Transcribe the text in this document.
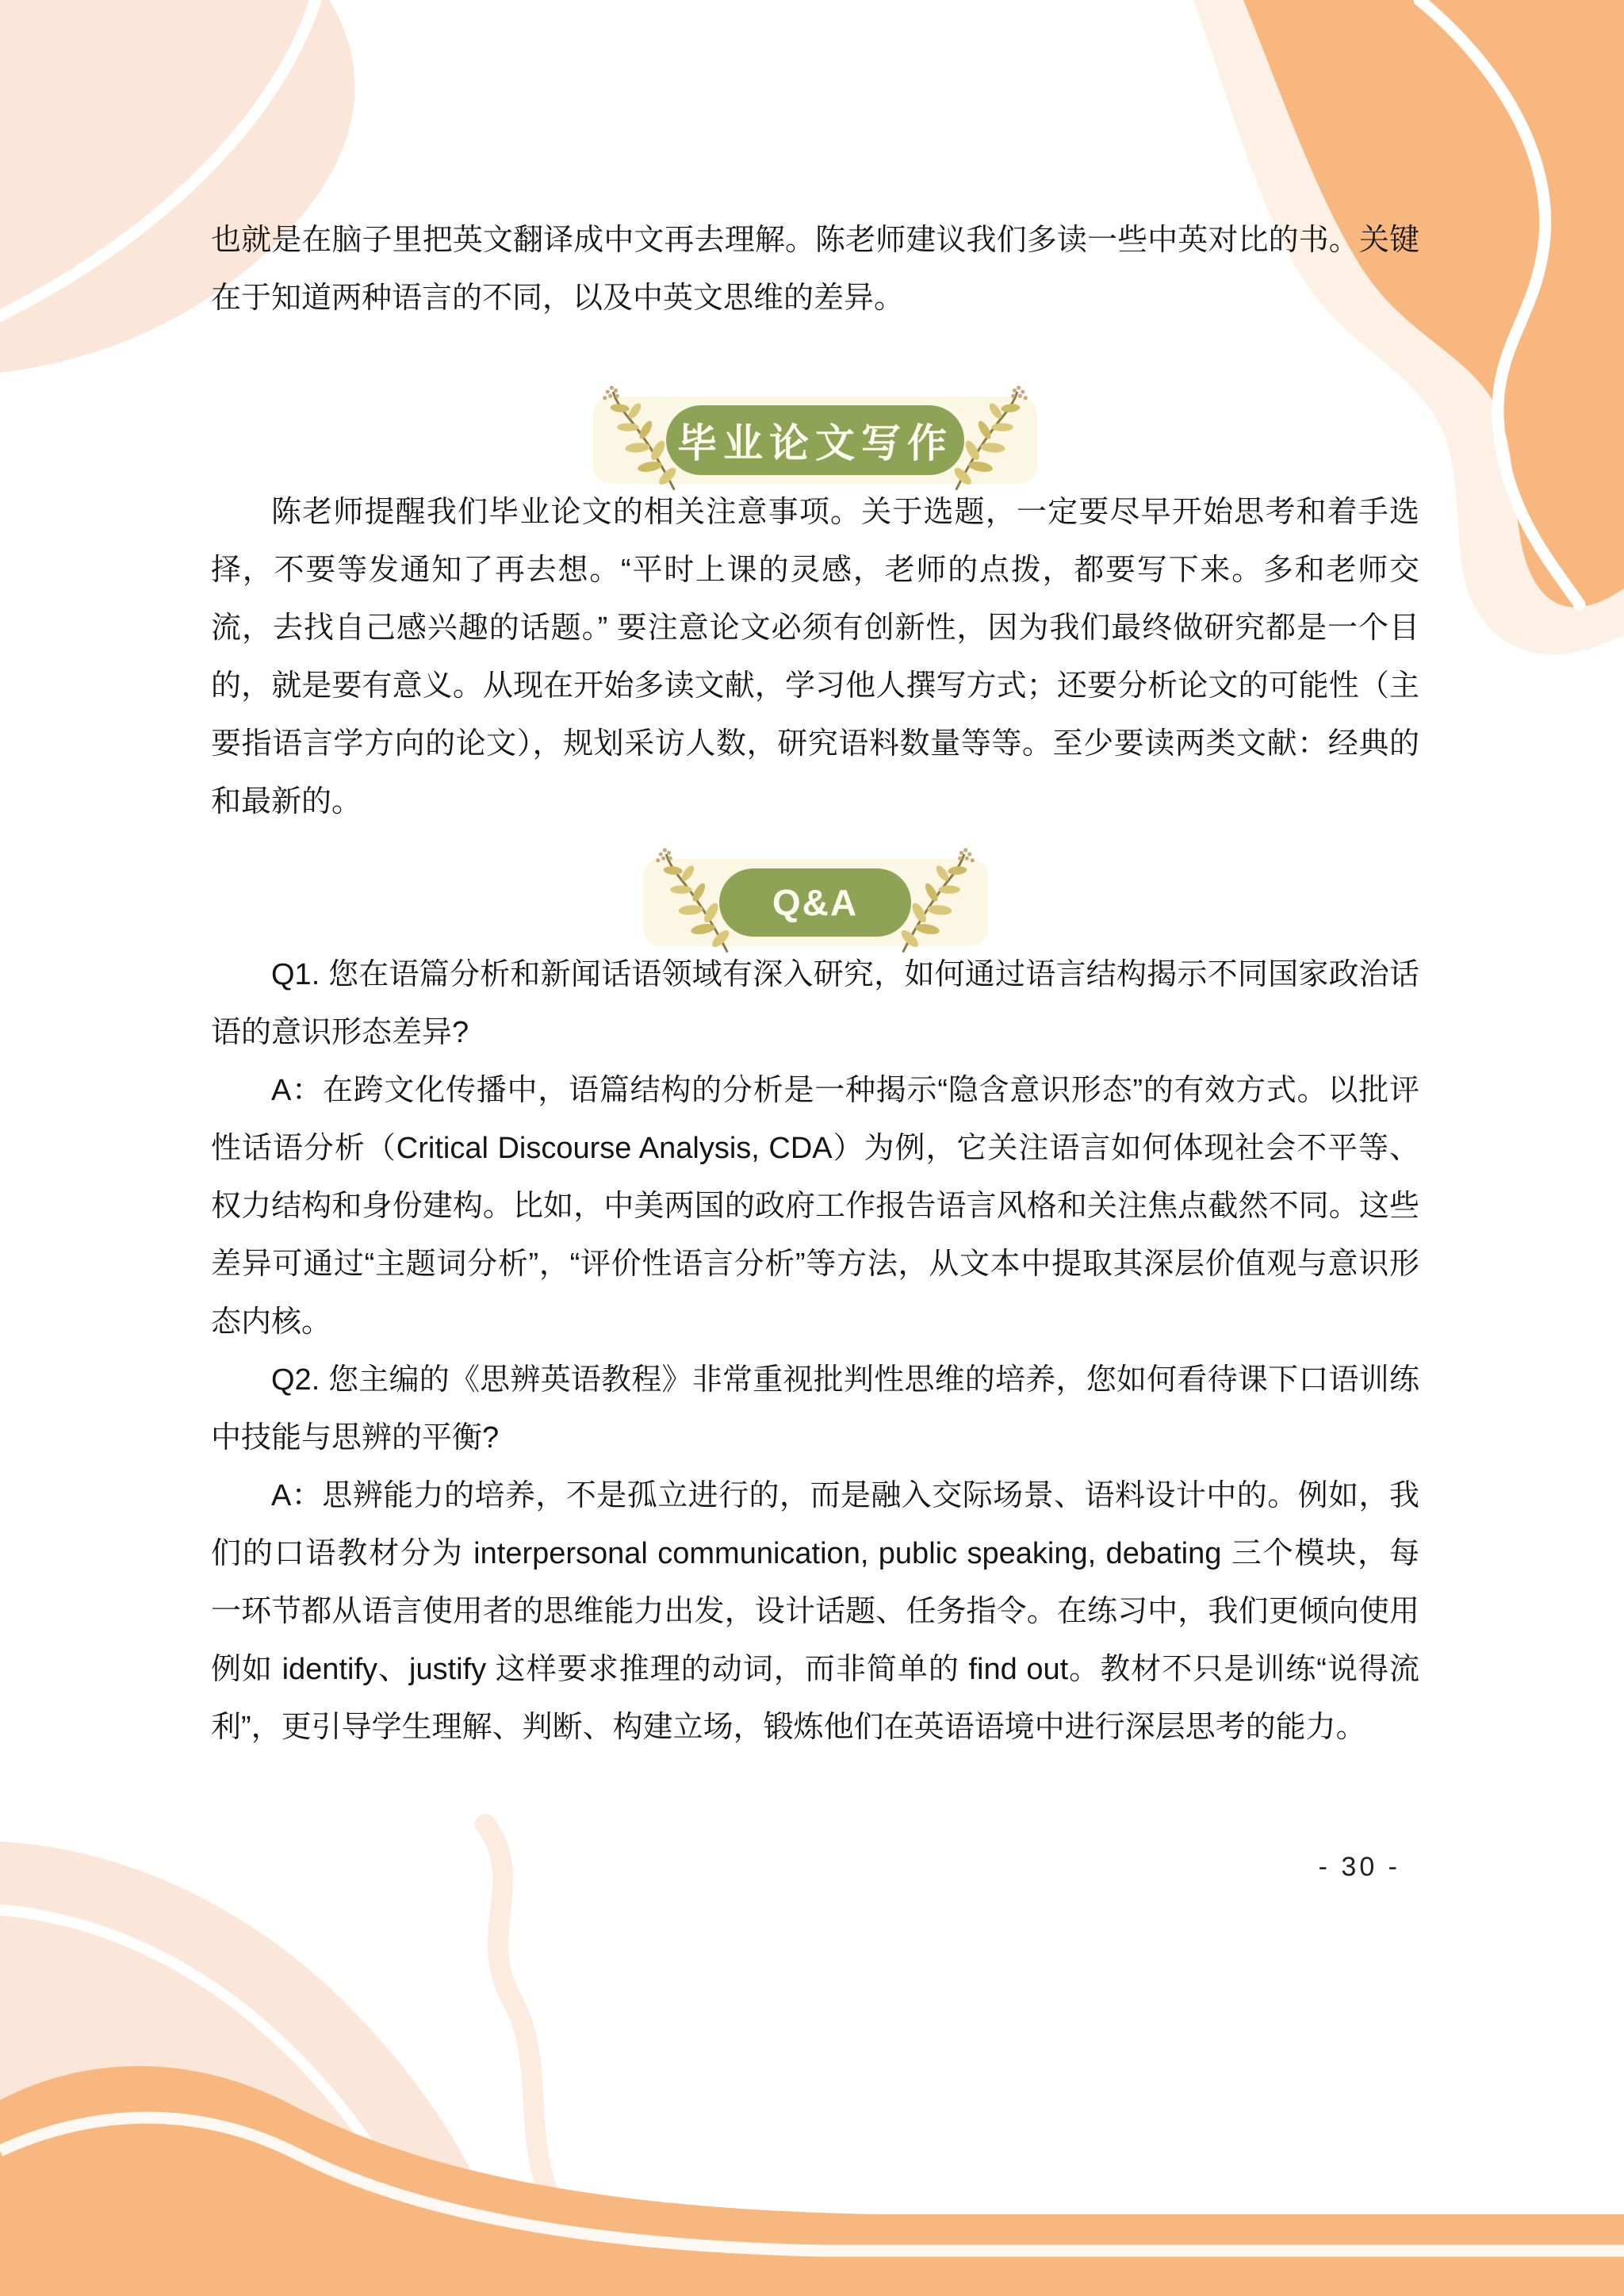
也就是在脑子里把英文翻译成中文再去理解。陈老师建议我们多读一些中英对比的书。关键在于知道两种语言的不同，以及中英文思维的差异。

毕业论文写作

陈老师提醒我们毕业论文的相关注意事项。关于选题，一定要尽早开始思考和着手选择，不要等发通知了再去想。“平时上课的灵感，老师的点拨，都要写下来。多和老师交流，去找自己感兴趣的话题。” 要注意论文必须有创新性，因为我们最终做研究都是一个目的，就是要有意义。从现在开始多读文献，学习他人撰写方式；还要分析论文的可能性（主要指语言学方向的论文），规划采访人数，研究语料数量等等。至少要读两类文献：经典的和最新的。

Q&A

Q1. 您在语篇分析和新闻话语领域有深入研究，如何通过语言结构揭示不同国家政治话语的意识形态差异?

A：在跨文化传播中，语篇结构的分析是一种揭示“隐含意识形态”的有效方式。以批评性话语分析（Critical Discourse Analysis, CDA）为例，它关注语言如何体现社会不平等、权力结构和身份建构。比如，中美两国的政府工作报告语言风格和关注焦点截然不同。这些差异可通过“主题词分析”，“评价性语言分析”等方法，从文本中提取其深层价值观与意识形态内核。

Q2. 您主编的《思辨英语教程》非常重视批判性思维的培养，您如何看待课下口语训练中技能与思辨的平衡?

A：思辨能力的培养，不是孤立进行的，而是融入交际场景、语料设计中的。例如，我们的口语教材分为 interpersonal communication, public speaking, debating 三个模块，每一环节都从语言使用者的思维能力出发，设计话题、任务指令。在练习中，我们更倾向使用例如 identify、justify 这样要求推理的动词，而非简单的 find out。教材不只是训练“说得流利”，更引导学生理解、判断、构建立场，锻炼他们在英语语境中进行深层思考的能力。

- 30 -
